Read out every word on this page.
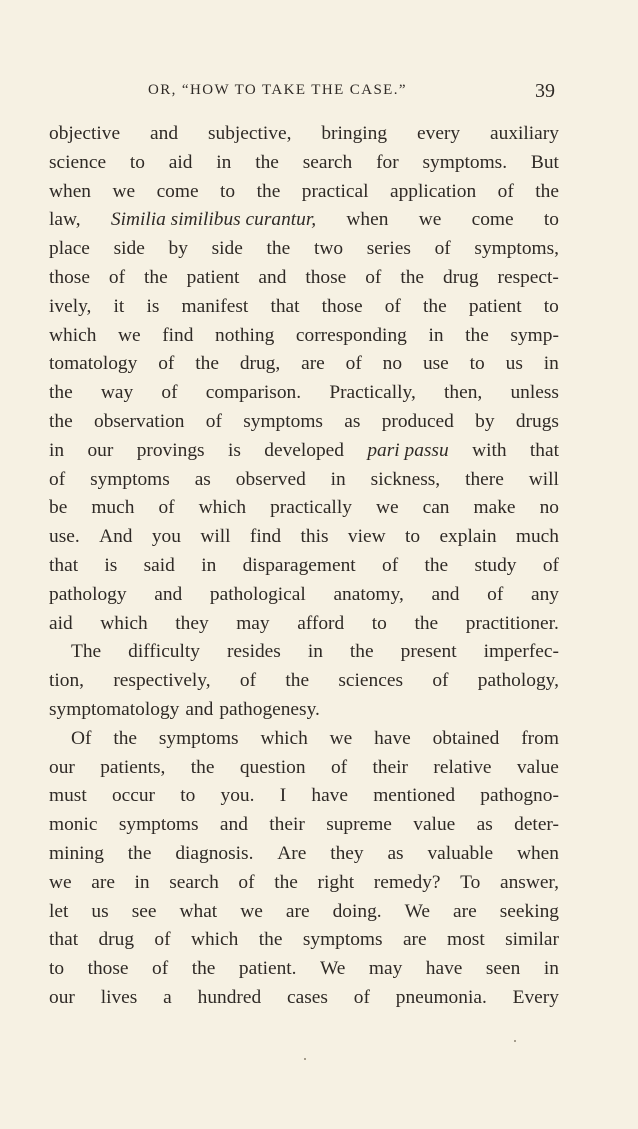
OR, “HOW TO TAKE THE CASE.”	39
objective and subjective, bringing every auxiliary
science to aid in the search for symptoms. But
when we come to the practical application of the
law, Similia similibus curantur, when we come to
place side by side the two series of symptoms,
those of the patient and those of the drug respect-
ively, it is manifest that those of the patient to
which we find nothing corresponding in the symp-
tomatology of the drug, are of no use to us in
the way of comparison. Practically, then, unless
the observation of symptoms as produced by drugs
in our provings is developed pari passu with that
of symptoms as observed in sickness, there will
be much of which practically we can make no
use. And you will find this view to explain much
that is said in disparagement of the study of
pathology and pathological anatomy, and of any
aid which they may afford to the practitioner.
The difficulty resides in the present imperfec-
tion, respectively, of the sciences of pathology,
symptomatology and pathogenesy.
Of the symptoms which we have obtained from
our patients, the question of their relative value
must occur to you. I have mentioned pathogno-
monic symptoms and their supreme value as deter-
mining the diagnosis. Are they as valuable when
we are in search of the right remedy? To answer,
let us see what we are doing. We are seeking
that drug of which the symptoms are most similar
to those of the patient. We may have seen in
our lives a hundred cases of pneumonia. Every
